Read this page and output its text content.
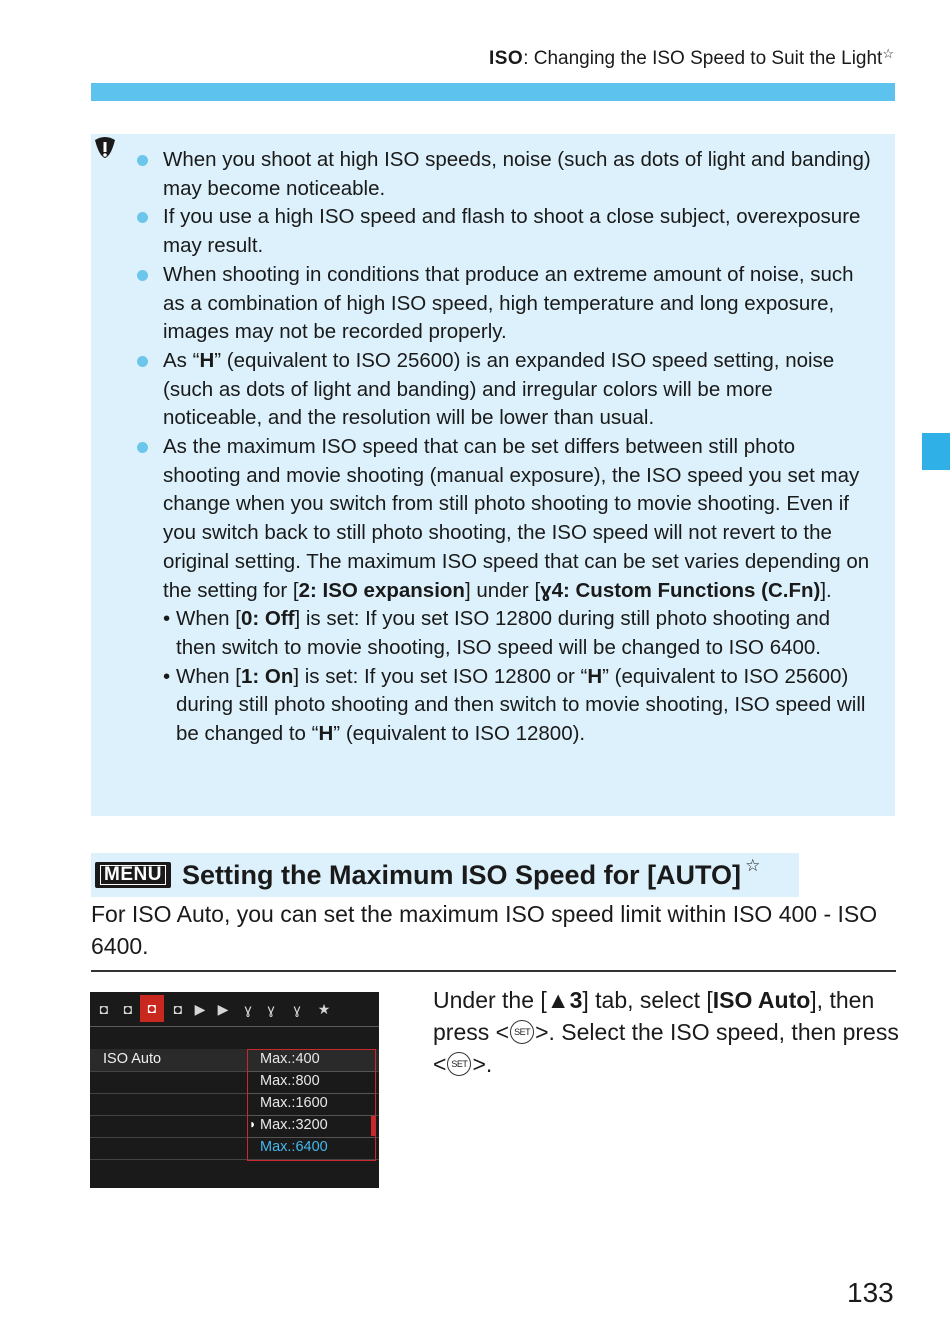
ISO: Changing the ISO Speed to Suit the Light☆
When you shoot at high ISO speeds, noise (such as dots of light and banding) may become noticeable.
If you use a high ISO speed and flash to shoot a close subject, overexposure may result.
When shooting in conditions that produce an extreme amount of noise, such as a combination of high ISO speed, high temperature and long exposure, images may not be recorded properly.
As “H” (equivalent to ISO 25600) is an expanded ISO speed setting, noise (such as dots of light and banding) and irregular colors will be more noticeable, and the resolution will be lower than usual.
As the maximum ISO speed that can be set differs between still photo shooting and movie shooting (manual exposure), the ISO speed you set may change when you switch from still photo shooting to movie shooting. Even if you switch back to still photo shooting, the ISO speed will not revert to the original setting. The maximum ISO speed that can be set varies depending on the setting for [2: ISO expansion] under [ɣ4: Custom Functions (C.Fn)].
• When [0: Off] is set: If you set ISO 12800 during still photo shooting and then switch to movie shooting, ISO speed will be changed to ISO 6400.
• When [1: On] is set: If you set ISO 12800 or “H” (equivalent to ISO 25600) during still photo shooting and then switch to movie shooting, ISO speed will be changed to “H” (equivalent to ISO 12800).
MENU Setting the Maximum ISO Speed for [AUTO] ☆
For ISO Auto, you can set the maximum ISO speed limit within ISO 400 - ISO 6400.
◘ ◘	◘	◘ ▶ ▶	ɣ	ɣ	ɣ	★
ISO Auto	Max.:400
Max.:800
Max.:1600
◗ Max.:3200
Max.:6400
Under the [▲3] tab, select [ISO Auto], then press < SET >. Select the ISO speed, then press < SET >.
133
